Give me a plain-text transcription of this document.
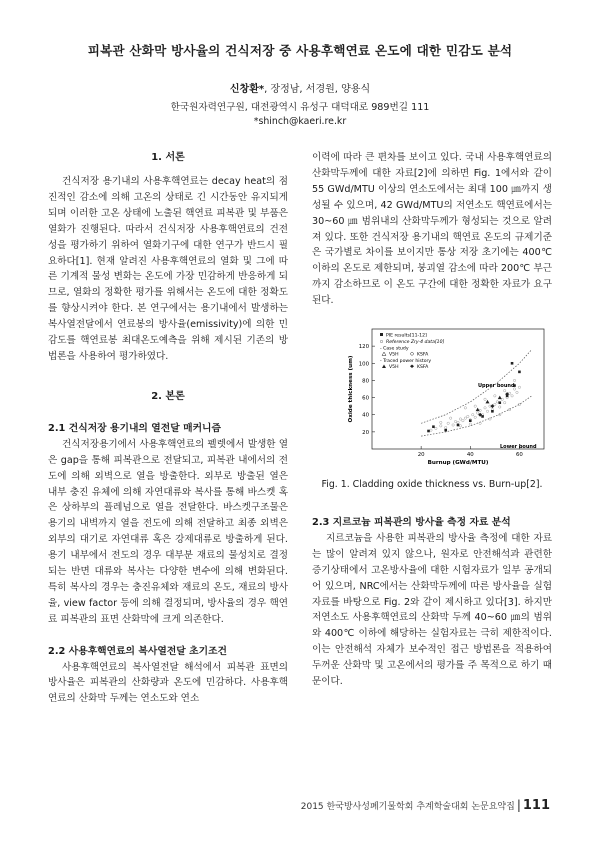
피복관 산화막 방사율의 건식저장 중 사용후핵연료 온도에 대한 민감도 분석
신창환*, 장정남, 서경원, 양용식
한국원자력연구원, 대전광역시 유성구 대덕대로 989번길 111
*shinch@kaeri.re.kr
1. 서론
건식저장 용기내의 사용후핵연료는 decay heat의 점진적인 감소에 의해 고온의 상태로 긴 시간동안 유지되게 되며 이러한 고온 상태에 노출된 핵연료 피복관 및 부품은 열화가 진행된다. 따라서 건식저장 사용후핵연료의 건전성을 평가하기 위하여 열화기구에 대한 연구가 반드시 필요하다[1]. 현재 알려진 사용후핵연료의 열화 및 그에 따른 기계적 물성 변화는 온도에 가장 민감하게 반응하게 되므로, 열화의 정확한 평가를 위해서는 온도에 대한 정확도를 향상시켜야 한다. 본 연구에서는 용기내에서 발생하는 복사열전달에서 연료봉의 방사율(emissivity)에 의한 민감도를 핵연료봉 최대온도예측을 위해 제시된 기존의 방법론을 사용하여 평가하였다.
2. 본론
2.1 건식저장 용기내의 열전달 매커니즘
건식저장용기에서 사용후핵연료의 펠렛에서 발생한 열은 gap을 통해 피복관으로 전달되고, 피복관 내에서의 전도에 의해 외벽으로 열을 방출한다. 외부로 방출된 열은 내부 충진 유체에 의해 자연대류와 복사를 통해 바스켓 혹은 상하부의 플레넘으로 열을 전달한다. 바스켓구조물은 용기의 내벽까지 열을 전도에 의해 전달하고 최종 외벽은 외부의 대기로 자연대류 혹은 강제대류로 방출하게 된다. 용기 내부에서 전도의 경우 대부분 재료의 물성치로 결정되는 반면 대류와 복사는 다양한 변수에 의해 변화된다. 특히 복사의 경우는 충진유체와 재료의 온도, 재료의 방사율, view factor 등에 의해 결정되며, 방사율의 경우 핵연료 피복관의 표면 산화막에 크게 의존한다.
2.2 사용후핵연료의 복사열전달 초기조건
사용후핵연료의 복사열전달 해석에서 피복관 표면의 방사율은 피복관의 산화량과 온도에 민감하다. 사용후핵연료의 산화막 두께는 연소도와 연소
이력에 따라 큰 편차를 보이고 있다. 국내 사용후핵연료의 산화막두께에 대한 자료[2]에 의하면 Fig. 1에서와 같이 55 GWd/MTU 이상의 연소도에서는 최대 100 ㎛까지 생성될 수 있으며, 42 GWd/MTU의 저연소도 핵연료에서는 30~60 ㎛ 범위내의 산화막두께가 형성되는 것으로 알려져 있다. 또한 건식저장 용기내의 핵연료 온도의 규제기준은 국가별로 차이를 보이지만 통상 저장 초기에는 400℃ 이하의 온도로 제한되며, 붕괴열 감소에 따라 200℃ 부근까지 감소하므로 이 온도 구간에 대한 정확한 자료가 요구된다.
20	40	60
20
40
60
80
100
120
Burnup (GWd/MTU)
Oxide thickness (um)
PIE results[11-12]
Reference Zry-4 data[10]
- Case study
V5H	KSFA
- Traced power history
V5H	KSFA
Upper bound
Lower bound
Fig. 1. Cladding oxide thickness vs. Burn-up[2].
2.3 지르코늄 피복관의 방사율 측정 자료 분석
지르코늄을 사용한 피복관의 방사율 측정에 대한 자료는 많이 알려져 있지 않으나, 원자로 안전해석과 관련한 증기상태에서 고온방사율에 대한 시험자료가 일부 공개되어 있으며, NRC에서는 산화막두께에 따른 방사율을 실험자료를 바탕으로 Fig. 2와 같이 제시하고 있다[3]. 하지만 저연소도 사용후핵연료의 산화막 두께 40~60 ㎛의 범위와 400℃ 이하에 해당하는 실험자료는 극히 제한적이다. 이는 안전해석 자체가 보수적인 접근 방법론을 적용하여 두꺼운 산화막 및 고온에서의 평가를 주 목적으로 하기 때문이다.
2015 한국방사성폐기물학회 추계학술대회 논문요약집 | 111
